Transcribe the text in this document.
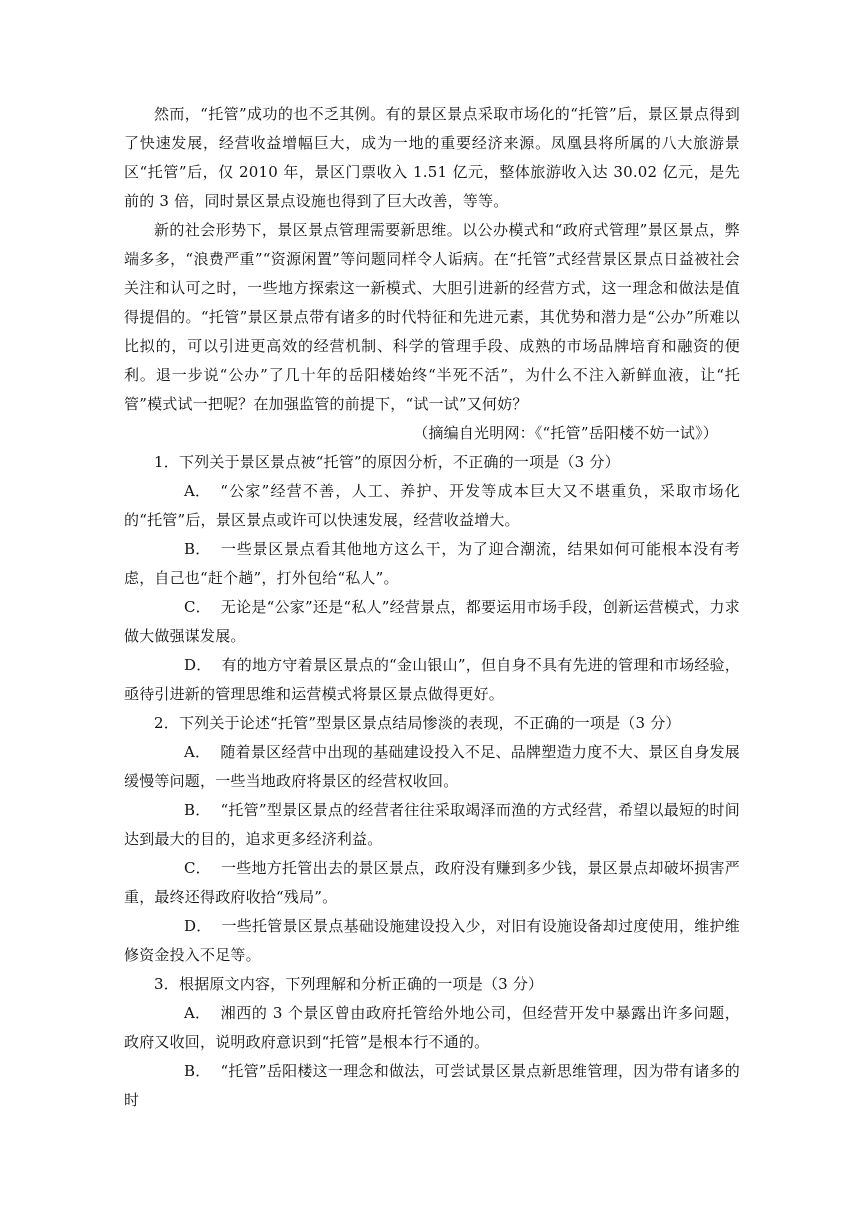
然而，“托管”成功的也不乏其例。有的景区景点采取市场化的“托管”后，景区景点得到了快速发展，经营收益增幅巨大，成为一地的重要经济来源。凤凰县将所属的八大旅游景区“托管”后，仅 2010 年，景区门票收入 1.51 亿元，整体旅游收入达 30.02 亿元，是先前的 3 倍，同时景区景点设施也得到了巨大改善，等等。

新的社会形势下，景区景点管理需要新思维。以公办模式和“政府式管理”景区景点，弊端多多，“浪费严重”“资源闲置”等问题同样令人诟病。在“托管”式经营景区景点日益被社会关注和认可之时，一些地方探索这一新模式、大胆引进新的经营方式，这一理念和做法是值得提倡的。“托管”景区景点带有诸多的时代特征和先进元素，其优势和潜力是“公办”所难以比拟的，可以引进更高效的经营机制、科学的管理手段、成熟的市场品牌培育和融资的便利。退一步说“公办”了几十年的岳阳楼始终“半死不活”，为什么不注入新鲜血液，让“托管”模式试一把呢？在加强监管的前提下，“试一试”又何妨？

（摘编自光明网：《“托管”岳阳楼不妨一试》）

1．下列关于景区景点被“托管”的原因分析，不正确的一项是（3 分）

A． “公家”经营不善，人工、养护、开发等成本巨大又不堪重负，采取市场化的“托管”后，景区景点或许可以快速发展，经营收益增大。

B． 一些景区景点看其他地方这么干，为了迎合潮流，结果如何可能根本没有考虑，自己也“赶个趟”，打外包给“私人”。

C． 无论是“公家”还是“私人”经营景点，都要运用市场手段，创新运营模式，力求做大做强谋发展。

D． 有的地方守着景区景点的“金山银山”，但自身不具有先进的管理和市场经验，亟待引进新的管理思维和运营模式将景区景点做得更好。

2．下列关于论述“托管”型景区景点结局惨淡的表现，不正确的一项是（3 分）

A． 随着景区经营中出现的基础建设投入不足、品牌塑造力度不大、景区自身发展缓慢等问题，一些当地政府将景区的经营权收回。

B． “托管”型景区景点的经营者往往采取竭泽而渔的方式经营，希望以最短的时间达到最大的目的，追求更多经济利益。

C． 一些地方托管出去的景区景点，政府没有赚到多少钱，景区景点却破坏损害严重，最终还得政府收拾“残局”。

D． 一些托管景区景点基础设施建设投入少，对旧有设施设备却过度使用，维护维修资金投入不足等。

3．根据原文内容，下列理解和分析正确的一项是（3 分）

A． 湘西的 3 个景区曾由政府托管给外地公司，但经营开发中暴露出许多问题，政府又收回，说明政府意识到“托管”是根本行不通的。

B． “托管”岳阳楼这一理念和做法，可尝试景区景点新思维管理，因为带有诸多的时
